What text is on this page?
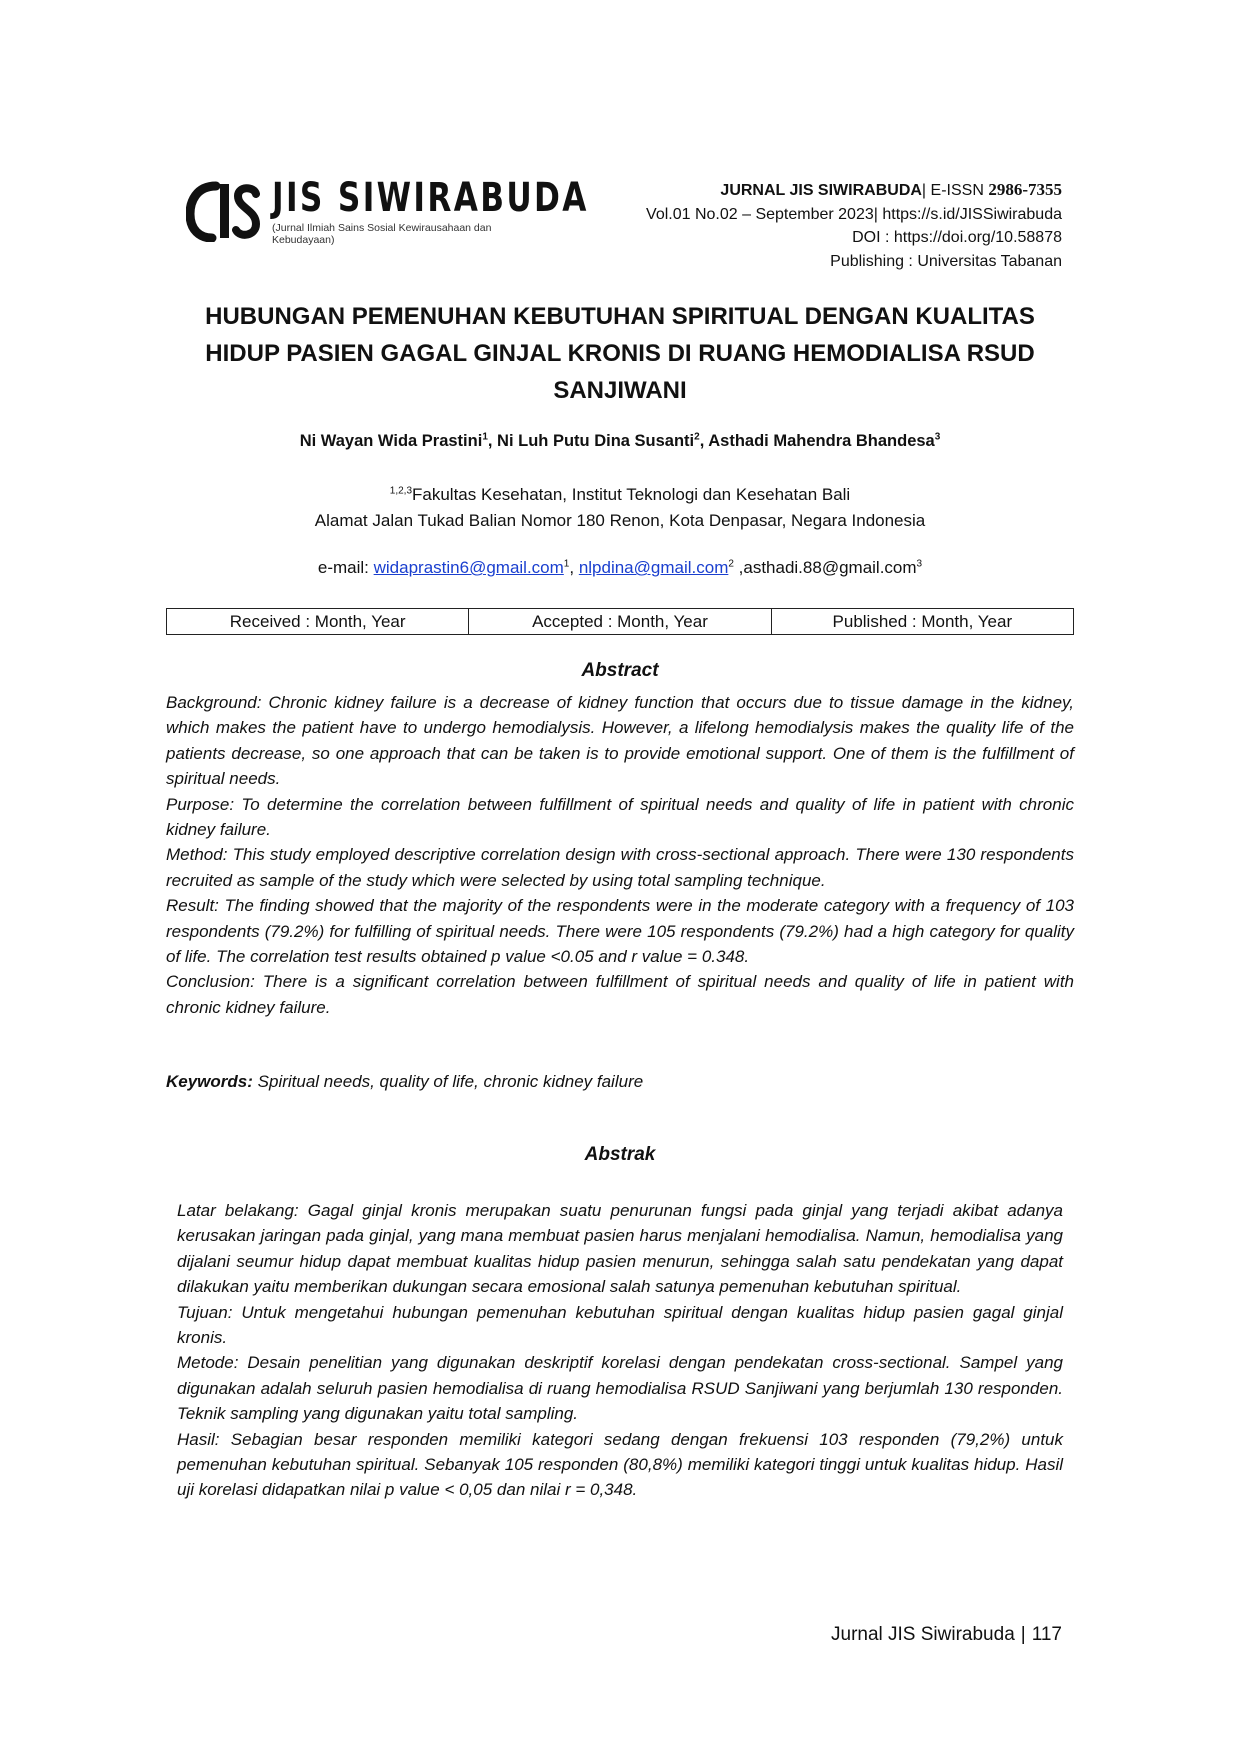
JIS SIWIRABUDA
(Jurnal Ilmiah Sains Sosial Kewirausahaan dan Kebudayaan)
JURNAL JIS SIWIRABUDA| E-ISSN 2986-7355
Vol.01 No.02 – September 2023| https://s.id/JISSiwirabuda
DOI : https://doi.org/10.58878
Publishing : Universitas Tabanan
HUBUNGAN PEMENUHAN KEBUTUHAN SPIRITUAL DENGAN KUALITAS
HIDUP PASIEN GAGAL GINJAL KRONIS DI RUANG HEMODIALISA RSUD
SANJIWANI
Ni Wayan Wida Prastini$^1$, Ni Luh Putu Dina Susanti$^2$, Asthadi Mahendra Bhandesa$^3$
$^{1,2,3}$Fakultas Kesehatan, Institut Teknologi dan Kesehatan Bali
Alamat Jalan Tukad Balian Nomor 180 Renon, Kota Denpasar, Negara Indonesia
e-mail: widaprastin6@gmail.com$^1$, nlpdina@gmail.com$^2$ ,asthadi.88@gmail.com$^3$
Received : Month, Year	Accepted : Month, Year	Published : Month, Year
Abstract

Background: Chronic kidney failure is a decrease of kidney function that occurs due to tissue damage in the kidney, which makes the patient have to undergo hemodialysis. However, a lifelong hemodialysis makes the quality life of the patients decrease, so one approach that can be taken is to provide emotional support. One of them is the fulfillment of spiritual needs.

Purpose: To determine the correlation between fulfillment of spiritual needs and quality of life in patient with chronic kidney failure.

Method: This study employed descriptive correlation design with cross-sectional approach. There were 130 respondents recruited as sample of the study which were selected by using total sampling technique.

Result: The finding showed that the majority of the respondents were in the moderate category with a frequency of 103 respondents (79.2%) for fulfilling of spiritual needs. There were 105 respondents (79.2%) had a high category for quality of life. The correlation test results obtained p value <0.05 and r value = 0.348.

Conclusion: There is a significant correlation between fulfillment of spiritual needs and quality of life in patient with chronic kidney failure.

Keywords: Spiritual needs, quality of life, chronic kidney failure
Abstrak

Latar belakang: Gagal ginjal kronis merupakan suatu penurunan fungsi pada ginjal yang terjadi akibat adanya kerusakan jaringan pada ginjal, yang mana membuat pasien harus menjalani hemodialisa. Namun, hemodialisa yang dijalani seumur hidup dapat membuat kualitas hidup pasien menurun, sehingga salah satu pendekatan yang dapat dilakukan yaitu memberikan dukungan secara emosional salah satunya pemenuhan kebutuhan spiritual.

Tujuan: Untuk mengetahui hubungan pemenuhan kebutuhan spiritual dengan kualitas hidup pasien gagal ginjal kronis.

Metode: Desain penelitian yang digunakan deskriptif korelasi dengan pendekatan cross-sectional. Sampel yang digunakan adalah seluruh pasien hemodialisa di ruang hemodialisa RSUD Sanjiwani yang berjumlah 130 responden. Teknik sampling yang digunakan yaitu total sampling.

Hasil: Sebagian besar responden memiliki kategori sedang dengan frekuensi 103 responden (79,2%) untuk pemenuhan kebutuhan spiritual. Sebanyak 105 responden (80,8%) memiliki kategori tinggi untuk kualitas hidup. Hasil uji korelasi didapatkan nilai p value < 0,05 dan nilai r = 0,348.

Jurnal JIS Siwirabuda | 117
